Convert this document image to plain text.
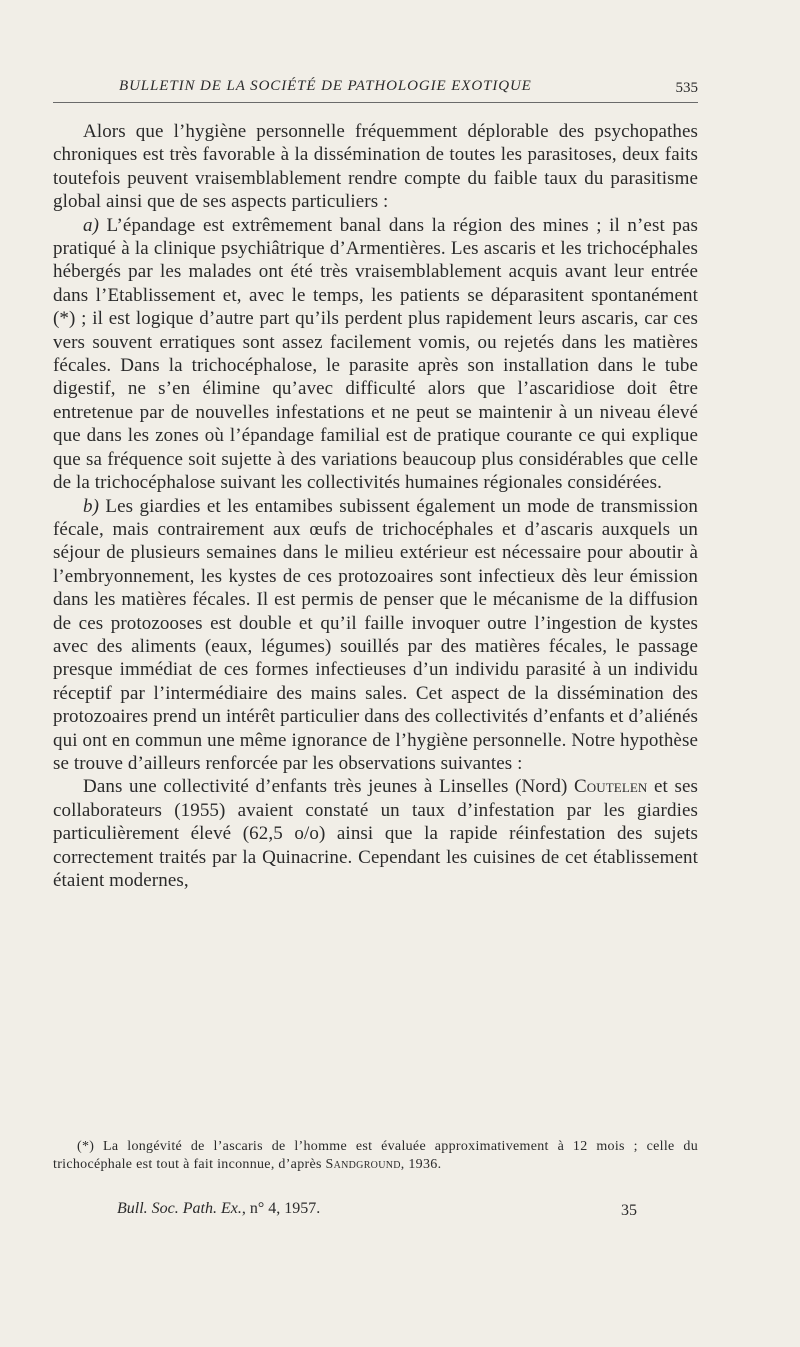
BULLETIN DE LA SOCIÉTÉ DE PATHOLOGIE EXOTIQUE	535

Alors que l’hygiène personnelle fréquemment déplorable des psychopathes chroniques est très favorable à la dissémination de toutes les parasitoses, deux faits toutefois peuvent vraisemblablement rendre compte du faible taux du parasitisme global ainsi que de ses aspects particuliers :

a) L’épandage est extrêmement banal dans la région des mines ; il n’est pas pratiqué à la clinique psychiâtrique d’Armentières. Les ascaris et les trichocéphales hébergés par les malades ont été très vraisemblablement acquis avant leur entrée dans l’Etablissement et, avec le temps, les patients se déparasitent spontanément (*) ; il est logique d’autre part qu’ils perdent plus rapidement leurs ascaris, car ces vers souvent erratiques sont assez facilement vomis, ou rejetés dans les matières fécales. Dans la trichocéphalose, le parasite après son installation dans le tube digestif, ne s’en élimine qu’avec difficulté alors que l’ascaridiose doit être entretenue par de nouvelles infestations et ne peut se maintenir à un niveau élevé que dans les zones où l’épandage familial est de pratique courante ce qui explique que sa fréquence soit sujette à des variations beaucoup plus considérables que celle de la trichocéphalose suivant les collectivités humaines régionales considérées.

b) Les giardies et les entamibes subissent également un mode de transmission fécale, mais contrairement aux œufs de trichocéphales et d’ascaris auxquels un séjour de plusieurs semaines dans le milieu extérieur est nécessaire pour aboutir à l’embryonnement, les kystes de ces protozoaires sont infectieux dès leur émission dans les matières fécales. Il est permis de penser que le mécanisme de la diffusion de ces protozooses est double et qu’il faille invoquer outre l’ingestion de kystes avec des aliments (eaux, légumes) souillés par des matières fécales, le passage presque immédiat de ces formes infectieuses d’un individu parasité à un individu réceptif par l’intermédiaire des mains sales. Cet aspect de la dissémination des protozoaires prend un intérêt particulier dans des collectivités d’enfants et d’aliénés qui ont en commun une même ignorance de l’hygiène personnelle. Notre hypothèse se trouve d’ailleurs renforcée par les observations suivantes :

Dans une collectivité d’enfants très jeunes à Linselles (Nord) Coutelen et ses collaborateurs (1955) avaient constaté un taux d’infestation par les giardies particulièrement élevé (62,5 o/o) ainsi que la rapide réinfestation des sujets correctement traités par la Quinacrine. Cependant les cuisines de cet établissement étaient modernes,

(*) La longévité de l’ascaris de l’homme est évaluée approximativement à 12 mois ; celle du trichocéphale est tout à fait inconnue, d’après Sandground, 1936.

Bull. Soc. Path. Ex., n° 4, 1957.	35
